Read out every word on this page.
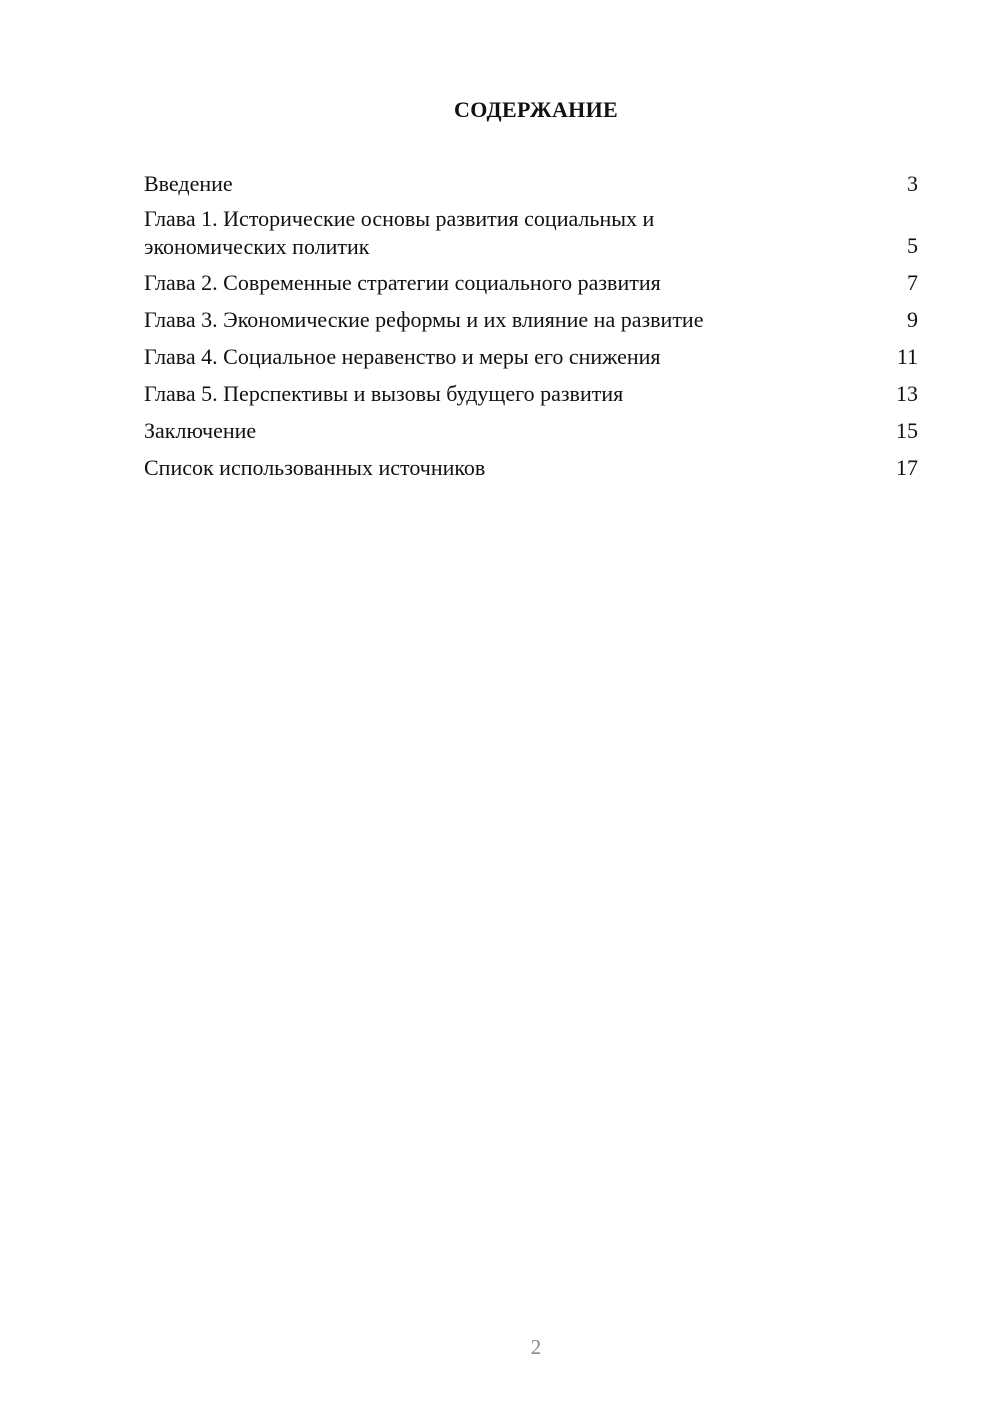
СОДЕРЖАНИЕ
Введение	3
Глава 1. Исторические основы развития социальных и
экономических политик	5
Глава 2. Современные стратегии социального развития	7
Глава 3. Экономические реформы и их влияние на развитие	9
Глава 4. Социальное неравенство и меры его снижения	11
Глава 5. Перспективы и вызовы будущего развития	13
Заключение	15
Список использованных источников	17
2
